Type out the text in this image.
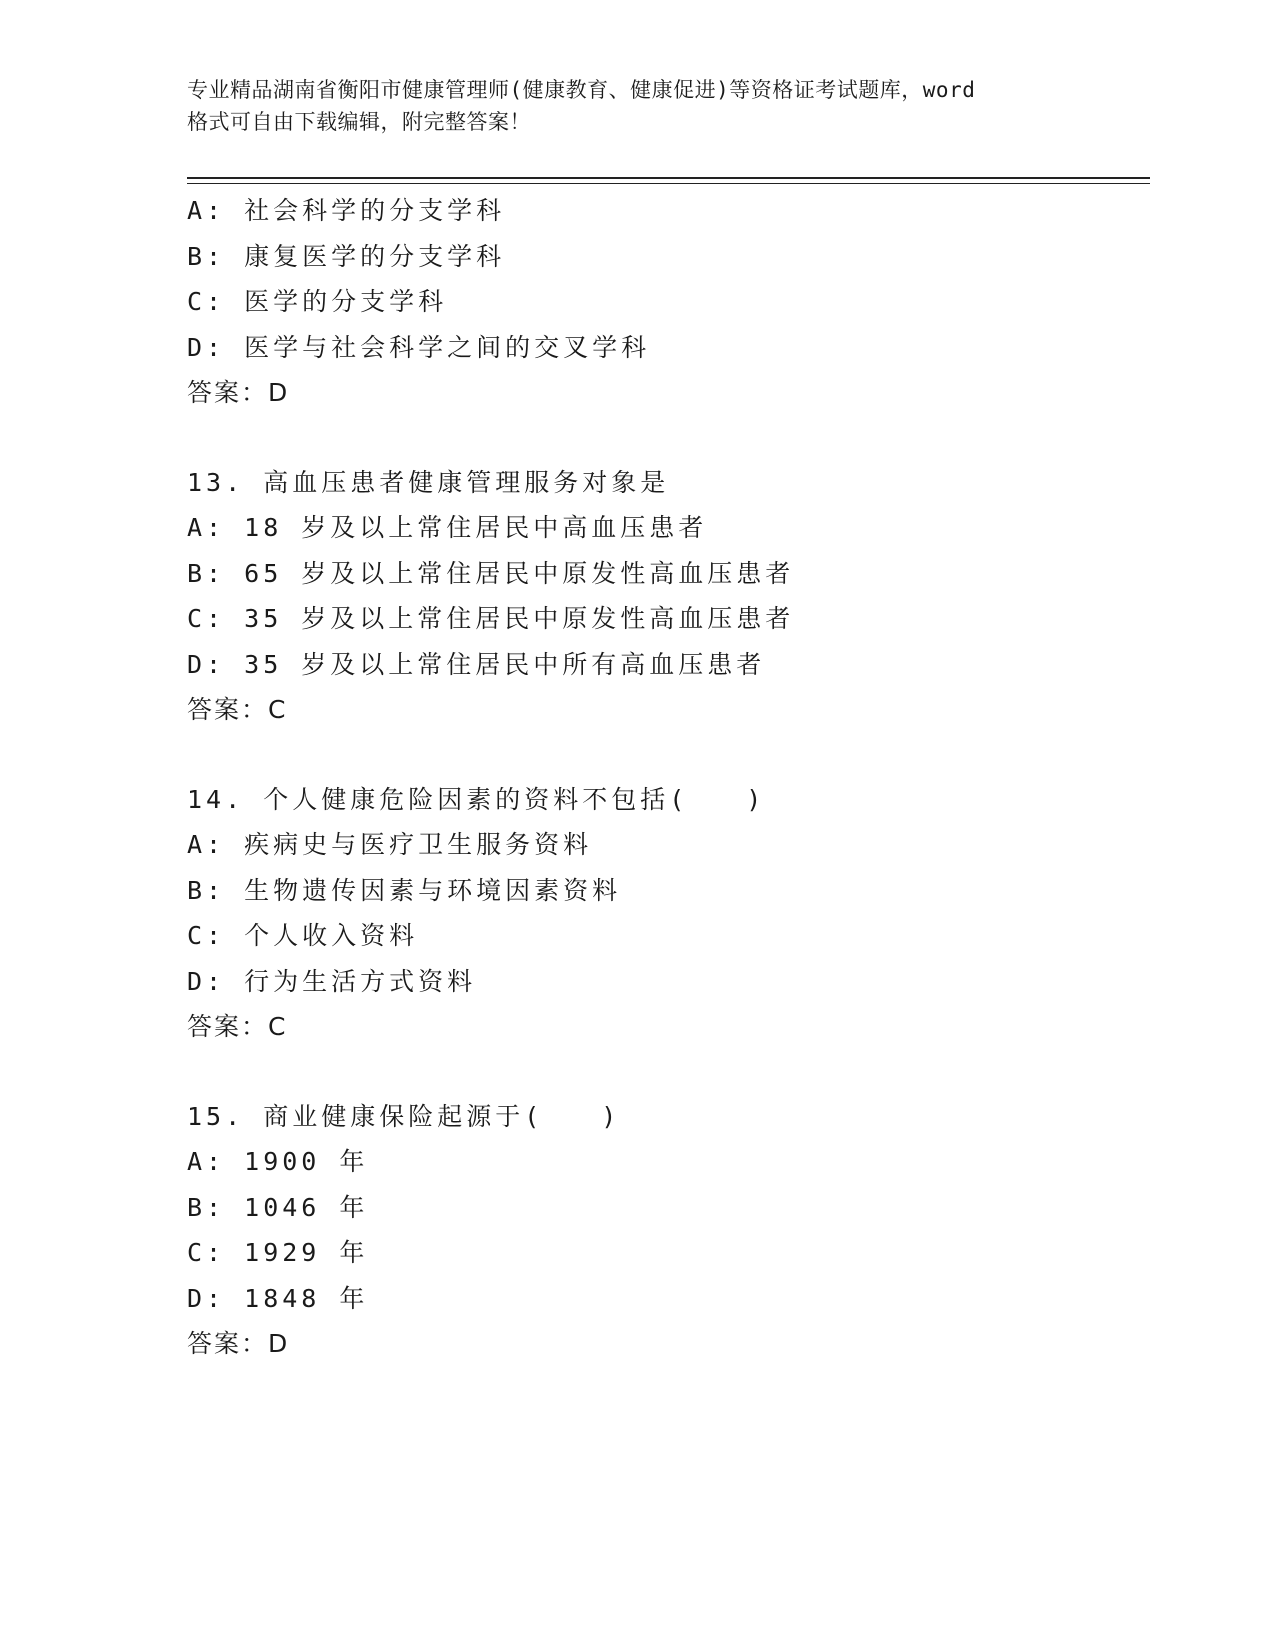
专业精品湖南省衡阳市健康管理师(健康教育、健康促进)等资格证考试题库，word
格式可自由下载编辑，附完整答案！
A: 社会科学的分支学科
B: 康复医学的分支学科
C: 医学的分支学科
D: 医学与社会科学之间的交叉学科
答案：D
13. 高血压患者健康管理服务对象是
A: 18 岁及以上常住居民中高血压患者
B: 65 岁及以上常住居民中原发性高血压患者
C: 35 岁及以上常住居民中原发性高血压患者
D: 35 岁及以上常住居民中所有高血压患者
答案：C
14. 个人健康危险因素的资料不包括(　　)
A: 疾病史与医疗卫生服务资料
B: 生物遗传因素与环境因素资料
C: 个人收入资料
D: 行为生活方式资料
答案：C
15. 商业健康保险起源于(　　)
A: 1900 年
B: 1046 年
C: 1929 年
D: 1848 年
答案：D
